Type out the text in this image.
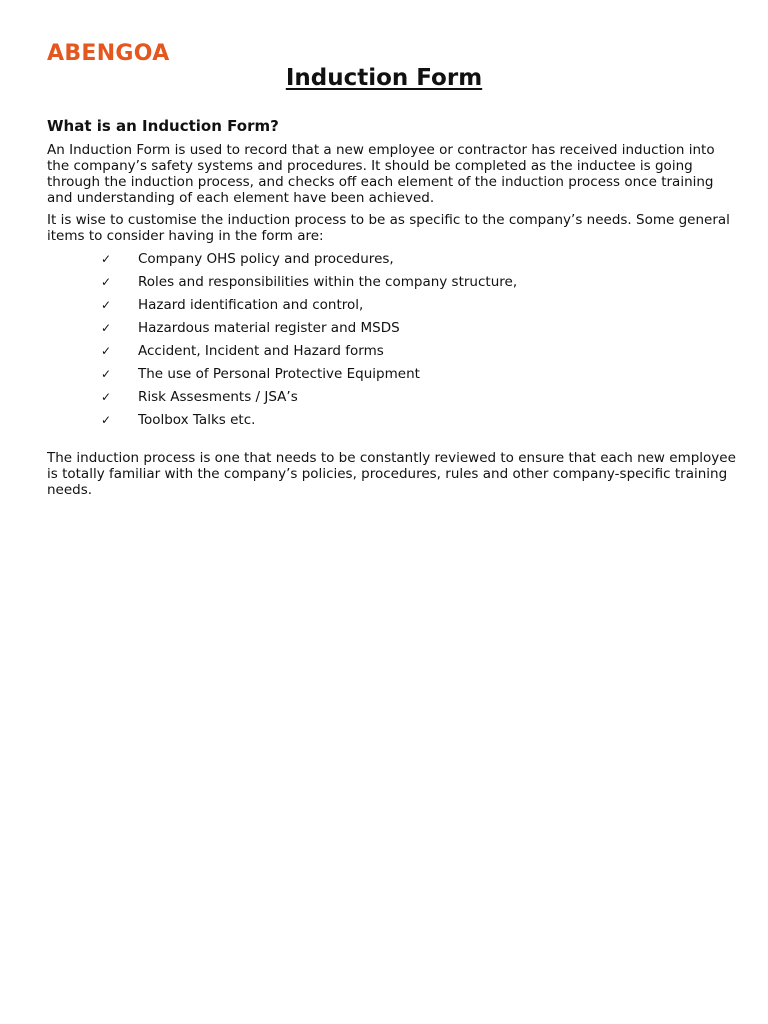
ABENGOA
Induction Form
What is an Induction Form?

An Induction Form is used to record that a new employee or contractor has received induction into the company’s safety systems and procedures. It should be completed as the inductee is going through the induction process, and checks off each element of the induction process once training and understanding of each element have been achieved.

It is wise to customise the induction process to be as specific to the company’s needs. Some general items to consider having in the form are:

✓ Company OHS policy and procedures,
✓ Roles and responsibilities within the company structure,
✓ Hazard identification and control,
✓ Hazardous material register and MSDS
✓ Accident, Incident and Hazard forms
✓ The use of Personal Protective Equipment
✓ Risk Assesments / JSA’s
✓ Toolbox Talks etc.

The induction process is one that needs to be constantly reviewed to ensure that each new employee is totally familiar with the company’s policies, procedures, rules and other company-specific training needs.
